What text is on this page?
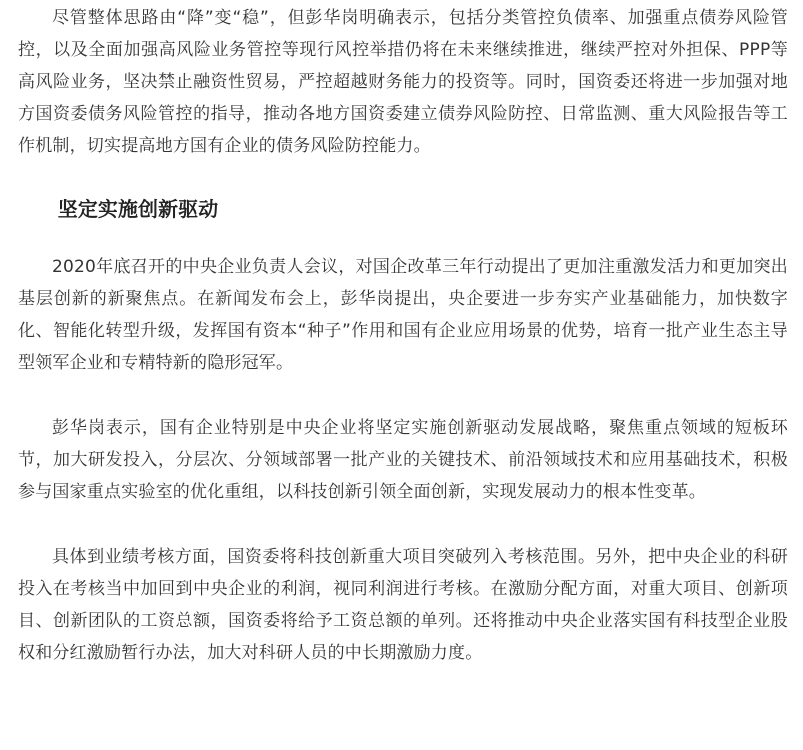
尽管整体思路由“降”变“稳”，但彭华岗明确表示，包括分类管控负债率、加强重点债券风险管控，以及全面加强高风险业务管控等现行风控举措仍将在未来继续推进，继续严控对外担保、PPP等高风险业务，坚决禁止融资性贸易，严控超越财务能力的投资等。同时，国资委还将进一步加强对地方国资委债务风险管控的指导，推动各地方国资委建立债券风险防控、日常监测、重大风险报告等工作机制，切实提高地方国有企业的债务风险防控能力。

坚定实施创新驱动

2020年底召开的中央企业负责人会议，对国企改革三年行动提出了更加注重激发活力和更加突出基层创新的新聚焦点。在新闻发布会上，彭华岗提出，央企要进一步夯实产业基础能力，加快数字化、智能化转型升级，发挥国有资本“种子”作用和国有企业应用场景的优势，培育一批产业生态主导型领军企业和专精特新的隐形冠军。

彭华岗表示，国有企业特别是中央企业将坚定实施创新驱动发展战略，聚焦重点领域的短板环节，加大研发投入，分层次、分领域部署一批产业的关键技术、前沿领域技术和应用基础技术，积极参与国家重点实验室的优化重组，以科技创新引领全面创新，实现发展动力的根本性变革。

具体到业绩考核方面，国资委将科技创新重大项目突破列入考核范围。另外，把中央企业的科研投入在考核当中加回到中央企业的利润，视同利润进行考核。在激励分配方面，对重大项目、创新项目、创新团队的工资总额，国资委将给予工资总额的单列。还将推动中央企业落实国有科技型企业股权和分红激励暂行办法，加大对科研人员的中长期激励力度。
